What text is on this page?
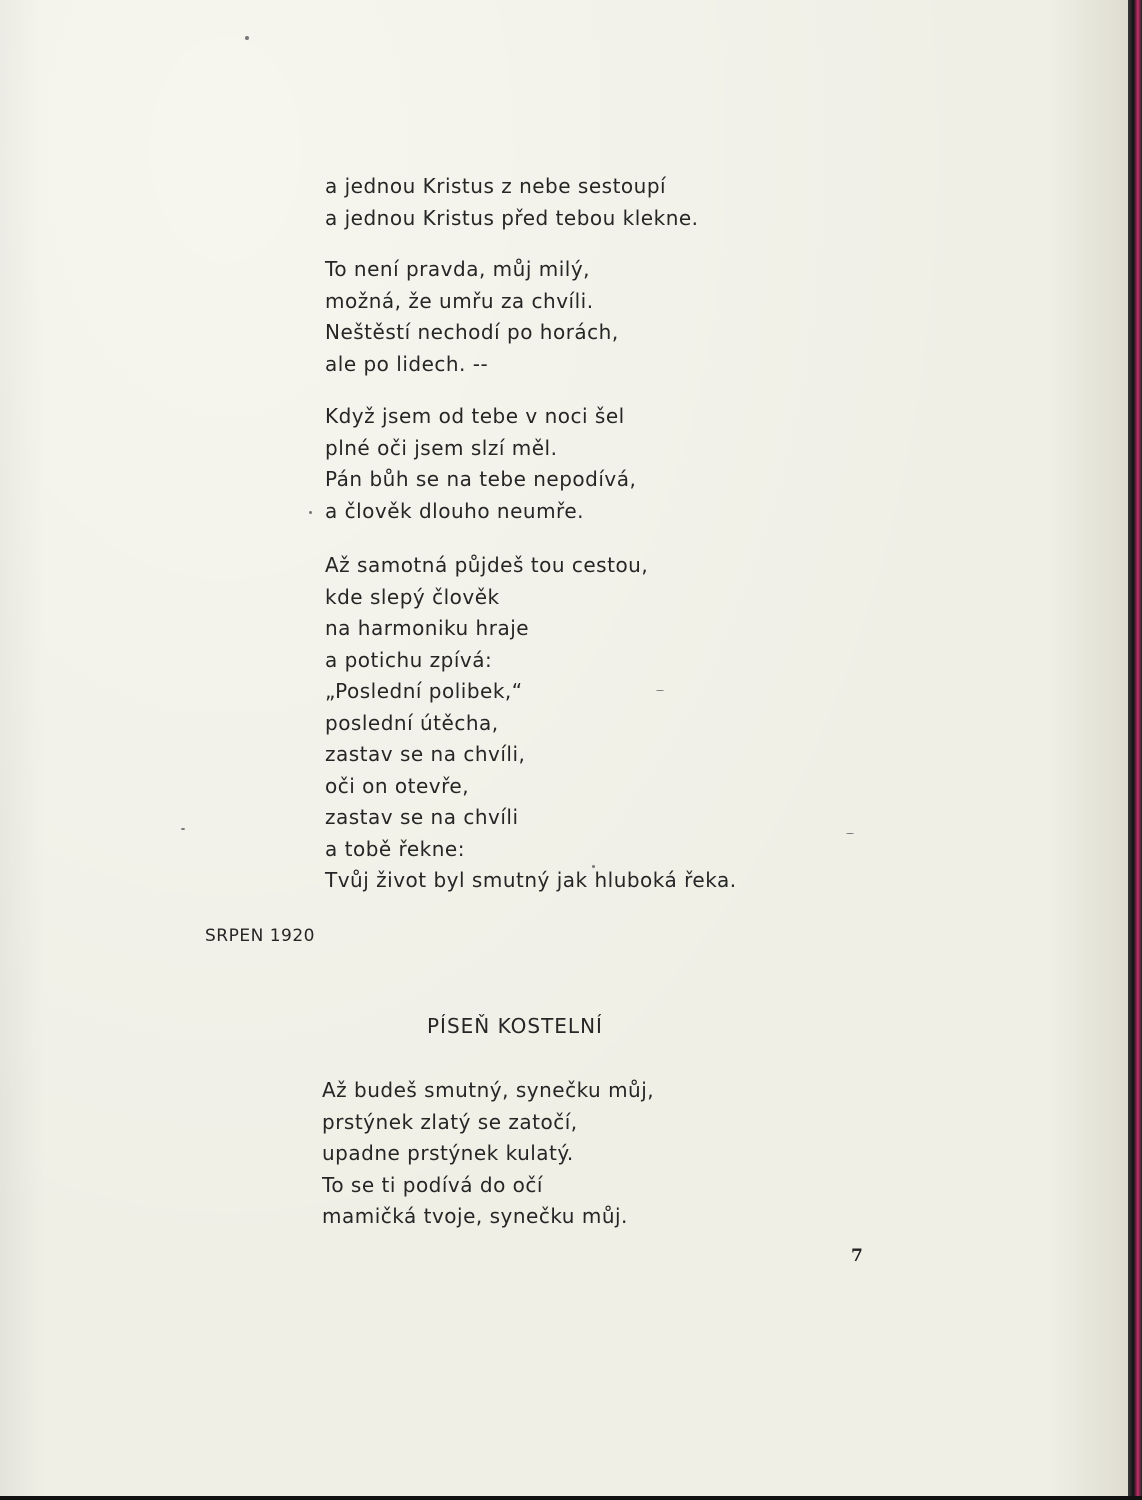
a jednou Kristus z nebe sestoupí
a jednou Kristus před tebou klekne.
To není pravda, můj milý,
možná, že umřu za chvíli.
Neštěstí nechodí po horách,
ale po lidech. --
Když jsem od tebe v noci šel
plné oči jsem slzí měl.
Pán bůh se na tebe nepodívá,
a člověk dlouho neumře.
Až samotná půjdeš tou cestou,
kde slepý člověk
na harmoniku hraje
a potichu zpívá:
„Poslední polibek,“
poslední útěcha,
zastav se na chvíli,
oči on otevře,
zastav se na chvíli
a tobě řekne:
Tvůj život byl smutný jak hluboká řeka.
SRPEN 1920
PÍSEŇ KOSTELNÍ
Až budeš smutný, synečku můj,
prstýnek zlatý se zatočí,
upadne prstýnek kulatý.
To se ti podívá do očí
mamičká tvoje, synečku můj.
7
